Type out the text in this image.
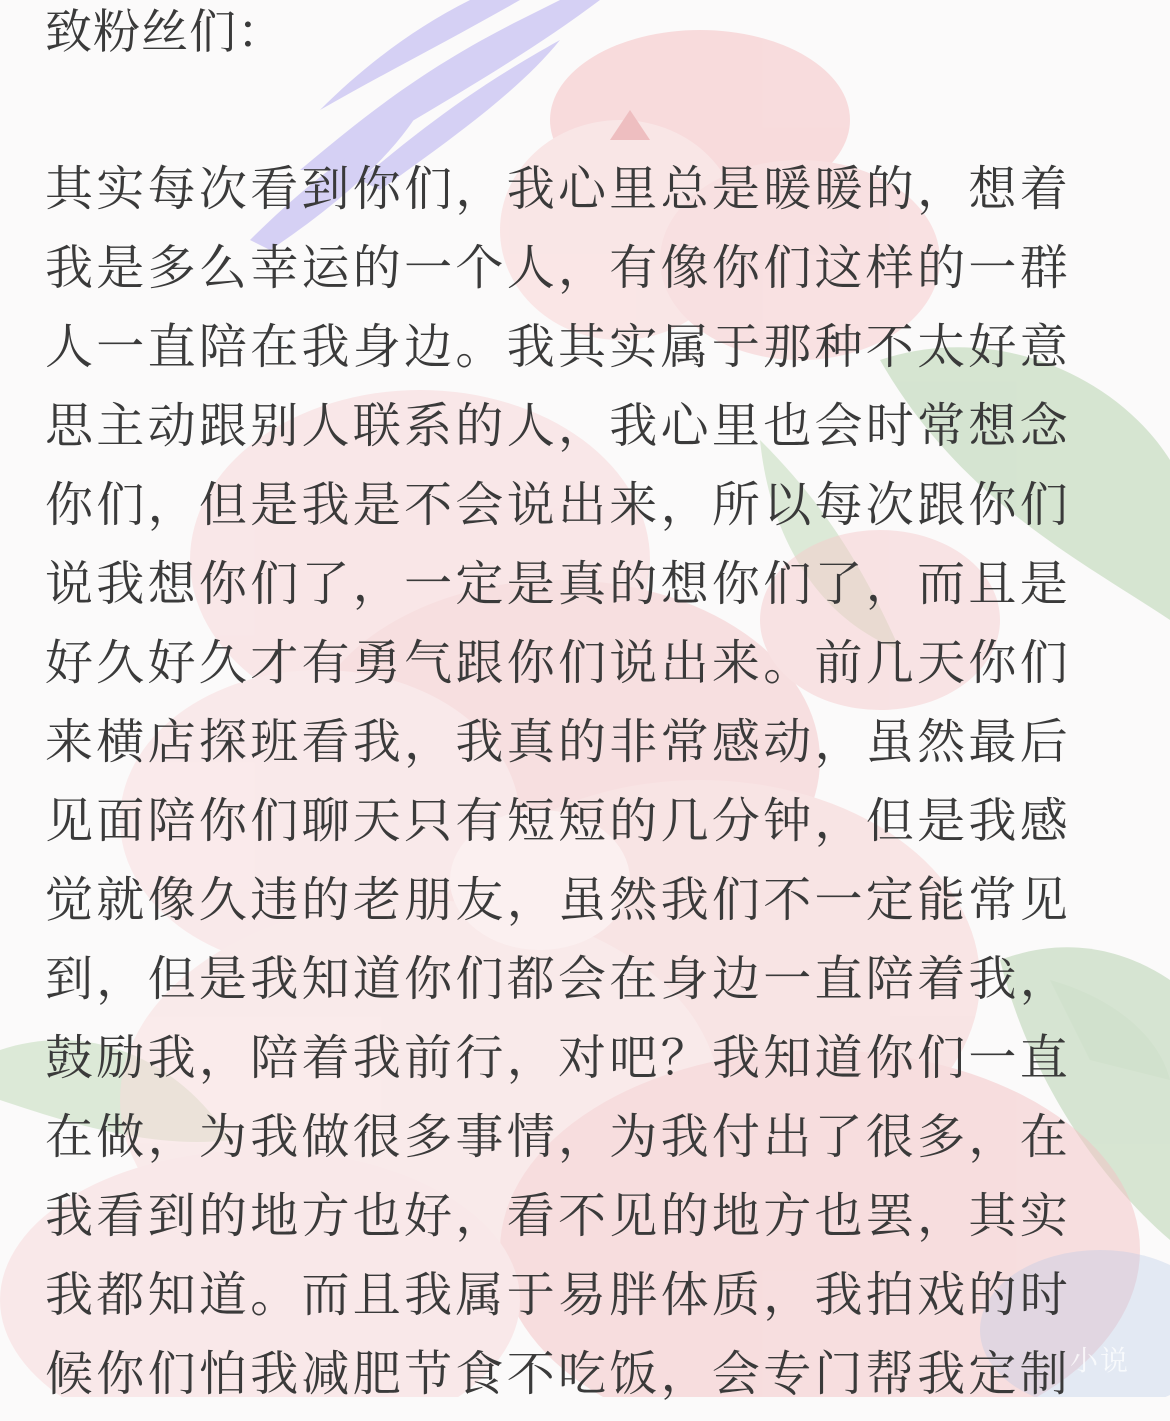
致粉丝们：
其实每次看到你们，我心里总是暖暖的，想着
我是多么幸运的一个人，有像你们这样的一群
人一直陪在我身边。我其实属于那种不太好意
思主动跟别人联系的人，我心里也会时常想念
你们，但是我是不会说出来，所以每次跟你们
说我想你们了，一定是真的想你们了，而且是
好久好久才有勇气跟你们说出来。前几天你们
来横店探班看我，我真的非常感动，虽然最后
见面陪你们聊天只有短短的几分钟，但是我感
觉就像久违的老朋友，虽然我们不一定能常见
到，但是我知道你们都会在身边一直陪着我，
鼓励我，陪着我前行，对吧？我知道你们一直
在做，为我做很多事情，为我付出了很多，在
我看到的地方也好，看不见的地方也罢，其实
我都知道。而且我属于易胖体质，我拍戏的时
候你们怕我减肥节食不吃饭，会专门帮我定制
小说
